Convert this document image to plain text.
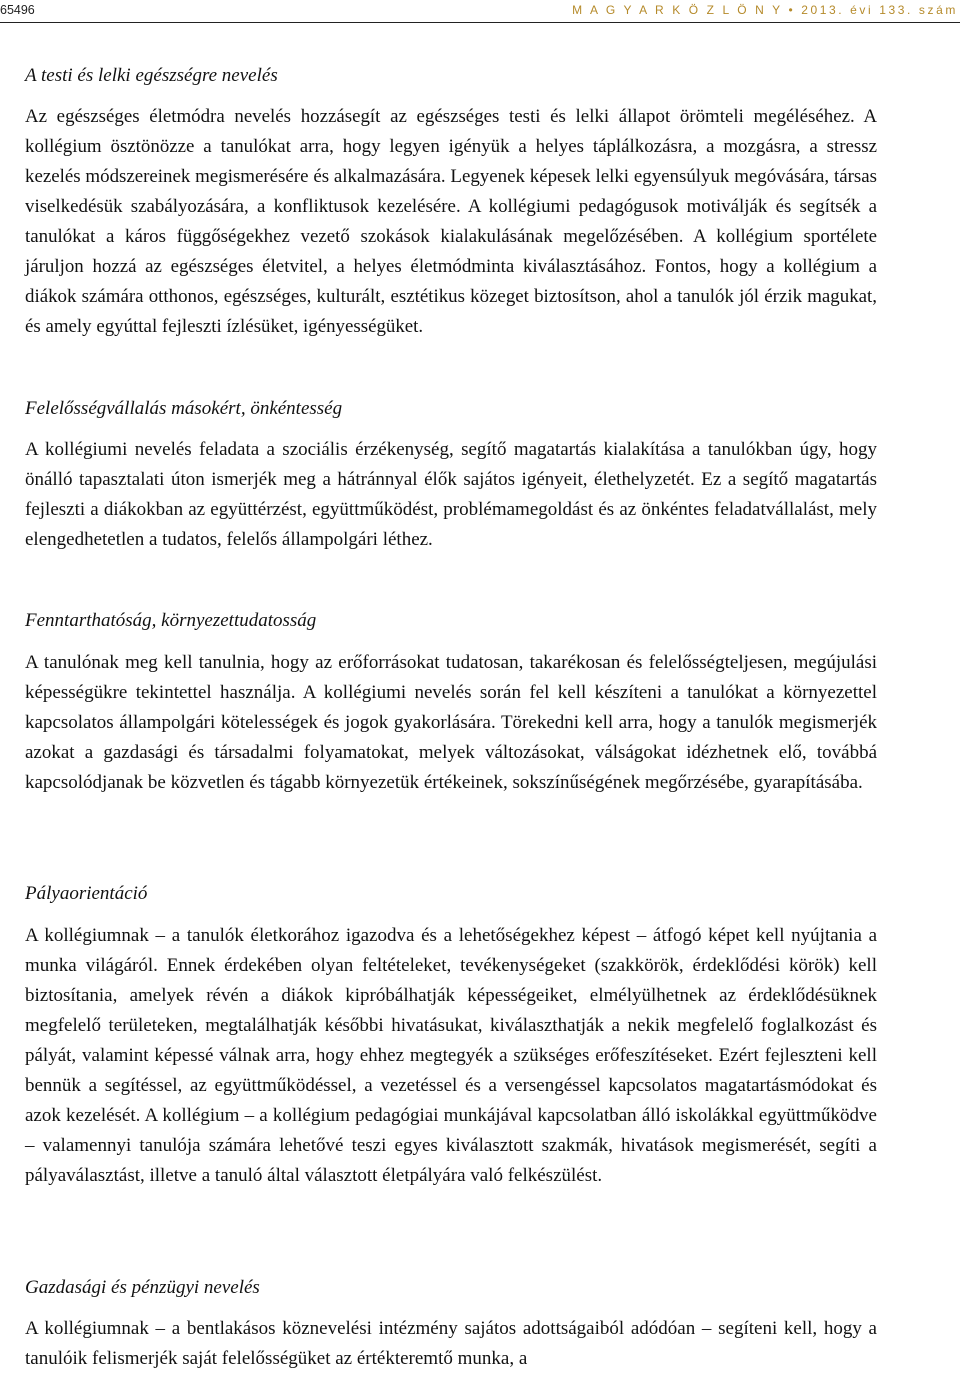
65496	M A G Y A R K Ö Z L Ö N Y • 2013. évi 133. szám
A testi és lelki egészségre nevelés

Az egészséges életmódra nevelés hozzásegít az egészséges testi és lelki állapot örömteli megéléséhez. A kollégium ösztönözze a tanulókat arra, hogy legyen igényük a helyes táplálkozásra, a mozgásra, a stressz kezelés módszereinek megismerésére és alkalmazására. Legyenek képesek lelki egyensúlyuk megóvására, társas viselkedésük szabályozására, a konfliktusok kezelésére. A kollégiumi pedagógusok motiválják és segítsék a tanulókat a káros függőségekhez vezető szokások kialakulásának megelőzésében. A kollégium sportélete járuljon hozzá az egészséges életvitel, a helyes életmódminta kiválasztásához. Fontos, hogy a kollégium a diákok számára otthonos, egészséges, kulturált, esztétikus közeget biztosítson, ahol a tanulók jól érzik magukat, és amely egyúttal fejleszti ízlésüket, igényességüket.

Felelősségvállalás másokért, önkéntesség

A kollégiumi nevelés feladata a szociális érzékenység, segítő magatartás kialakítása a tanulókban úgy, hogy önálló tapasztalati úton ismerjék meg a hátránnyal élők sajátos igényeit, élethelyzetét. Ez a segítő magatartás fejleszti a diákokban az együttérzést, együttműködést, problémamegoldást és az önkéntes feladatvállalást, mely elengedhetetlen a tudatos, felelős állampolgári léthez.

Fenntarthatóság, környezettudatosság

A tanulónak meg kell tanulnia, hogy az erőforrásokat tudatosan, takarékosan és felelősségteljesen, megújulási képességükre tekintettel használja. A kollégiumi nevelés során fel kell készíteni a tanulókat a környezettel kapcsolatos állampolgári kötelességek és jogok gyakorlására. Törekedni kell arra, hogy a tanulók megismerjék azokat a gazdasági és társadalmi folyamatokat, melyek változásokat, válságokat idézhetnek elő, továbbá kapcsolódjanak be közvetlen és tágabb környezetük értékeinek, sokszínűségének megőrzésébe, gyarapításába.

Pályaorientáció

A kollégiumnak – a tanulók életkorához igazodva és a lehetőségekhez képest – átfogó képet kell nyújtania a munka világáról. Ennek érdekében olyan feltételeket, tevékenységeket (szakkörök, érdeklődési körök) kell biztosítania, amelyek révén a diákok kipróbálhatják képességeiket, elmélyülhetnek az érdeklődésüknek megfelelő területeken, megtalálhatják későbbi hivatásukat, kiválaszthatják a nekik megfelelő foglalkozást és pályát, valamint képessé válnak arra, hogy ehhez megtegyék a szükséges erőfeszítéseket. Ezért fejleszteni kell bennük a segítéssel, az együttműködéssel, a vezetéssel és a versengéssel kapcsolatos magatartásmódokat és azok kezelését. A kollégium – a kollégium pedagógiai munkájával kapcsolatban álló iskolákkal együttműködve – valamennyi tanulója számára lehetővé teszi egyes kiválasztott szakmák, hivatások megismerését, segíti a pályaválasztást, illetve a tanuló által választott életpályára való felkészülést.

Gazdasági és pénzügyi nevelés

A kollégiumnak – a bentlakásos köznevelési intézmény sajátos adottságaiból adódóan – segíteni kell, hogy a tanulóik felismerjék saját felelősségüket az értékteremtő munka, a
